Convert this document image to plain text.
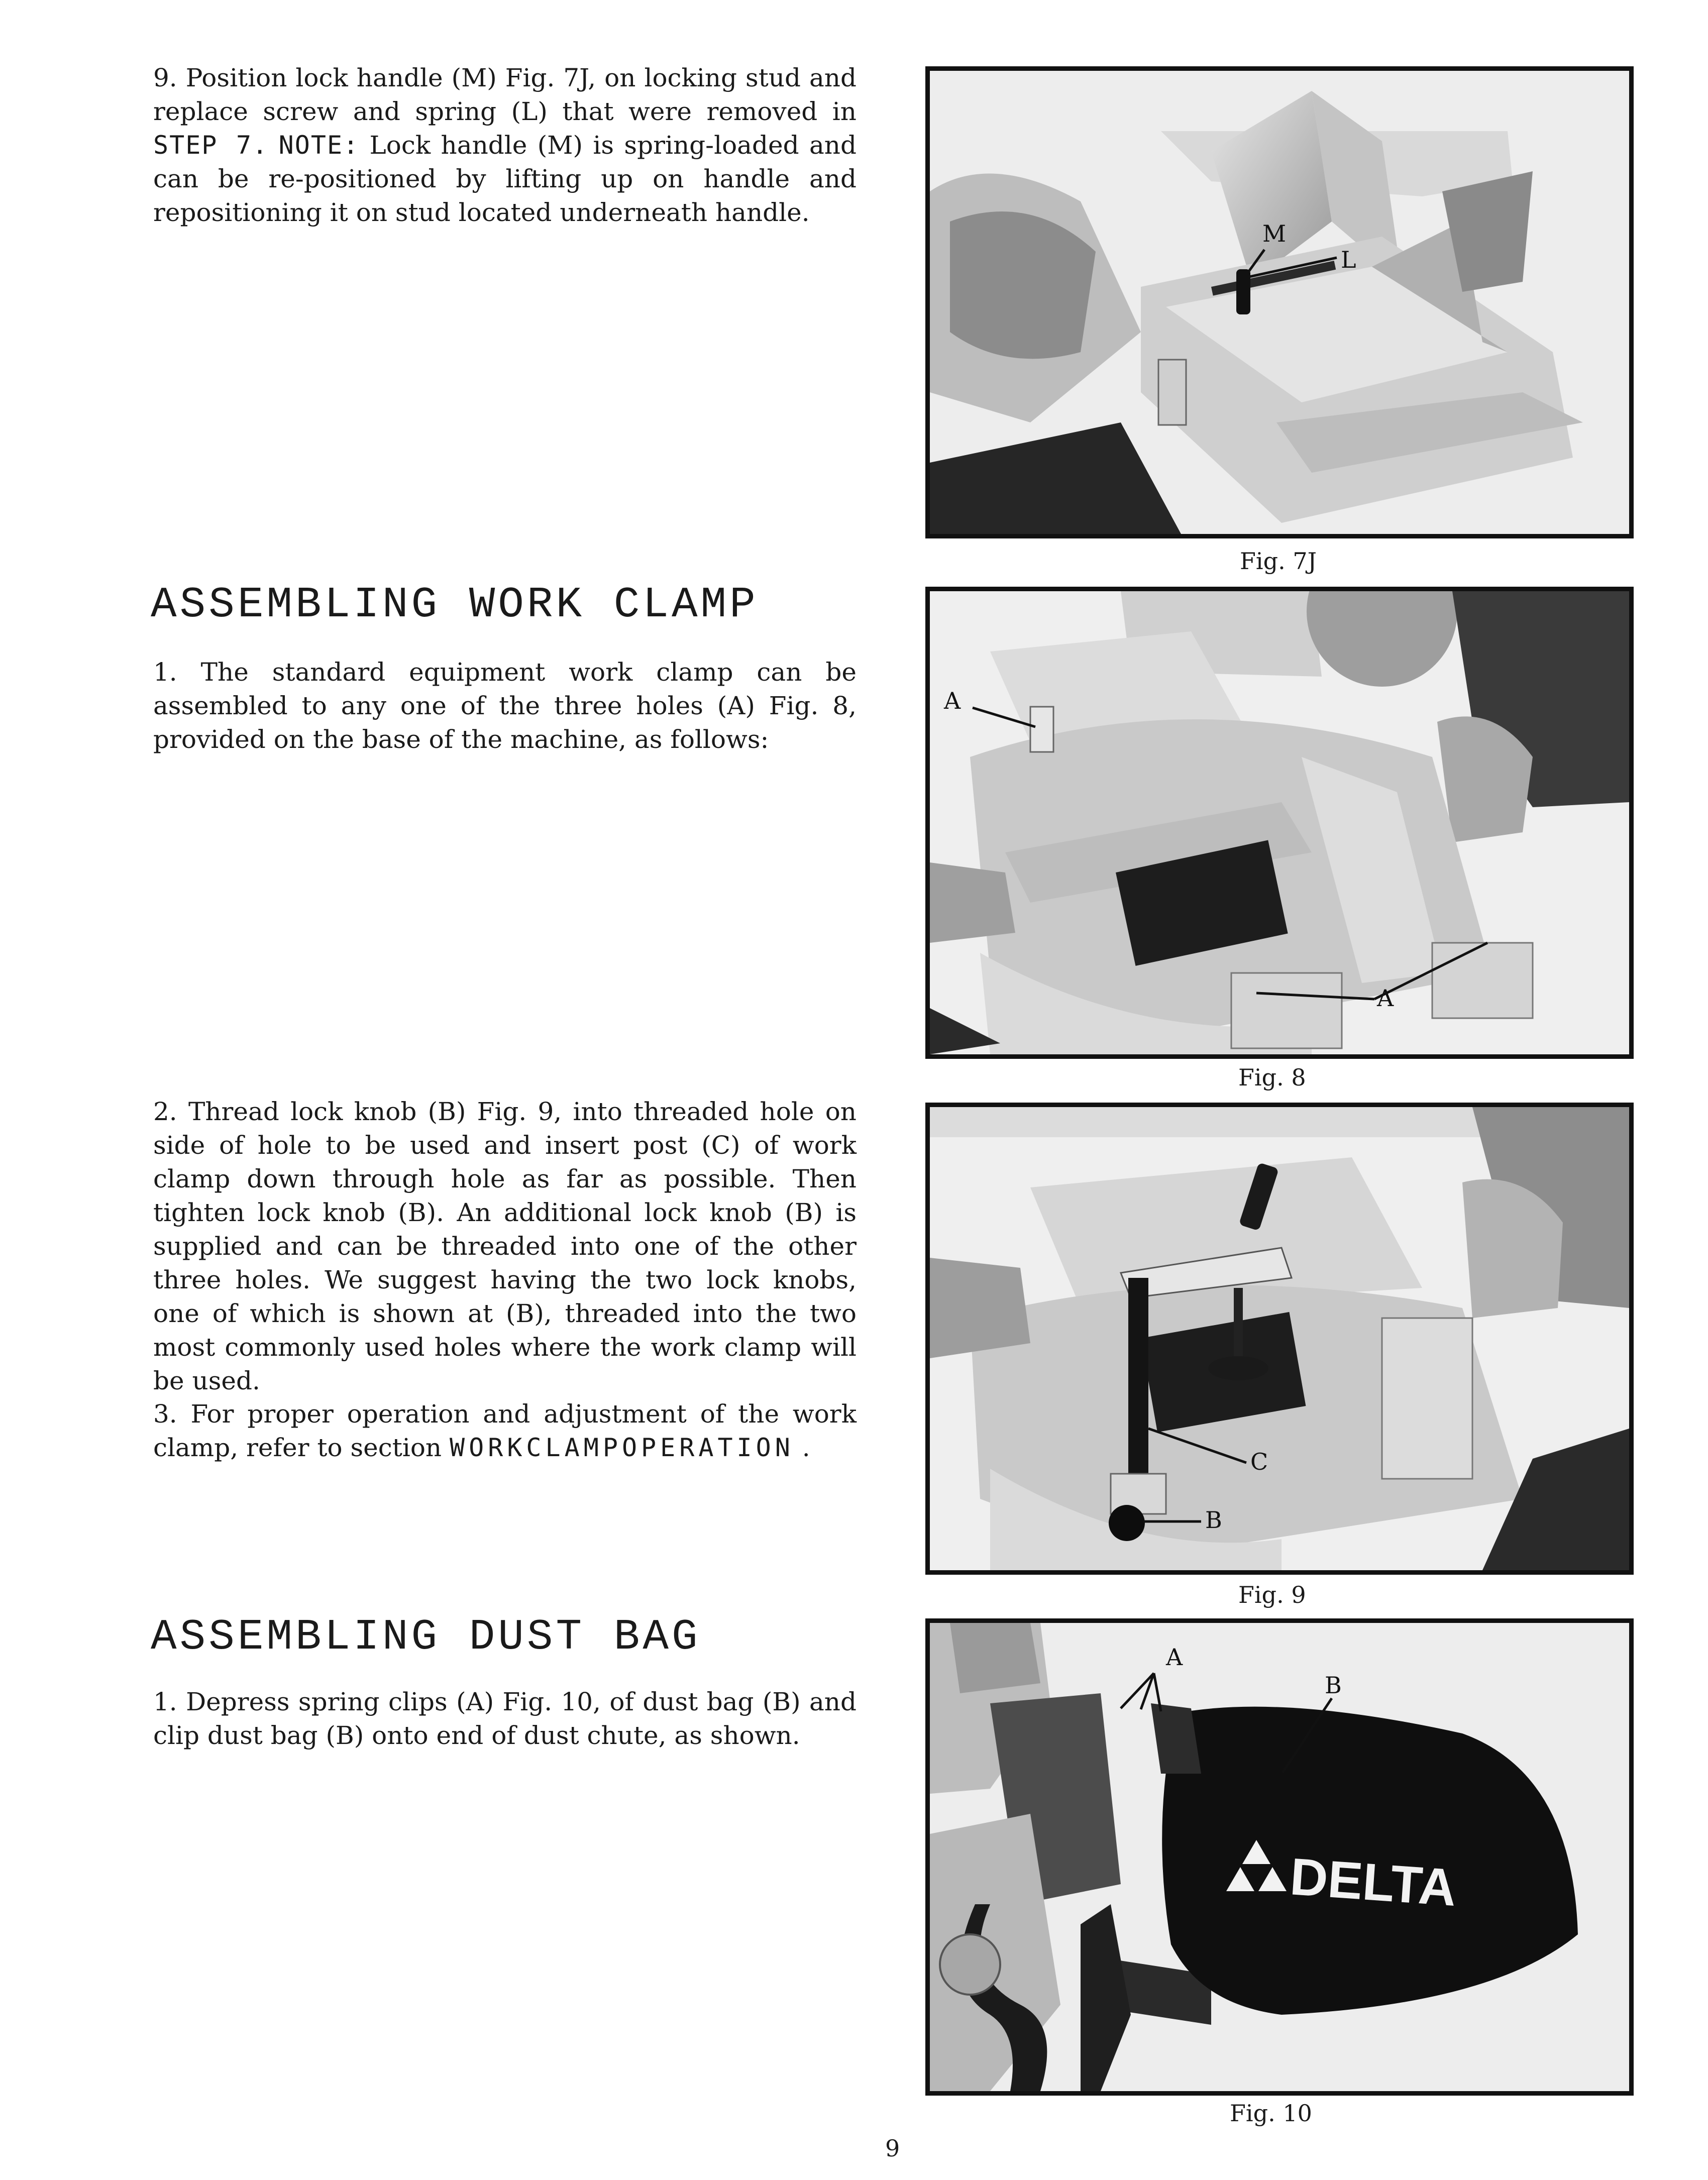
9. Position lock handle (M) Fig. 7J, on locking stud and replace screw and spring (L) that were removed in STEP 7. NOTE: Lock handle (M) is spring-loaded and can be re-positioned by lifting up on handle and repositioning it on stud located underneath handle.

ASSEMBLING WORK CLAMP

1. The standard equipment work clamp can be assembled to any one of the three holes (A) Fig. 8, provided on the base of the machine, as follows:

2. Thread lock knob (B) Fig. 9, into threaded hole on side of hole to be used and insert post (C) of work clamp down through hole as far as possible. Then tighten lock knob (B). An additional lock knob (B) is supplied and can be threaded into one of the other three holes. We suggest having the two lock knobs, one of which is shown at (B), threaded into the two most commonly used holes where the work clamp will be used.

3. For proper operation and adjustment of the work clamp, refer to section WORKCLAMPOPERATION .

ASSEMBLING DUST BAG

1. Depress spring clips (A) Fig. 10, of dust bag (B) and clip dust bag (B) onto end of dust chute, as shown.

M
L
Fig. 7J
A
A
Fig. 8
C
B
Fig. 9
DELTA
A
B
Fig. 10
9
